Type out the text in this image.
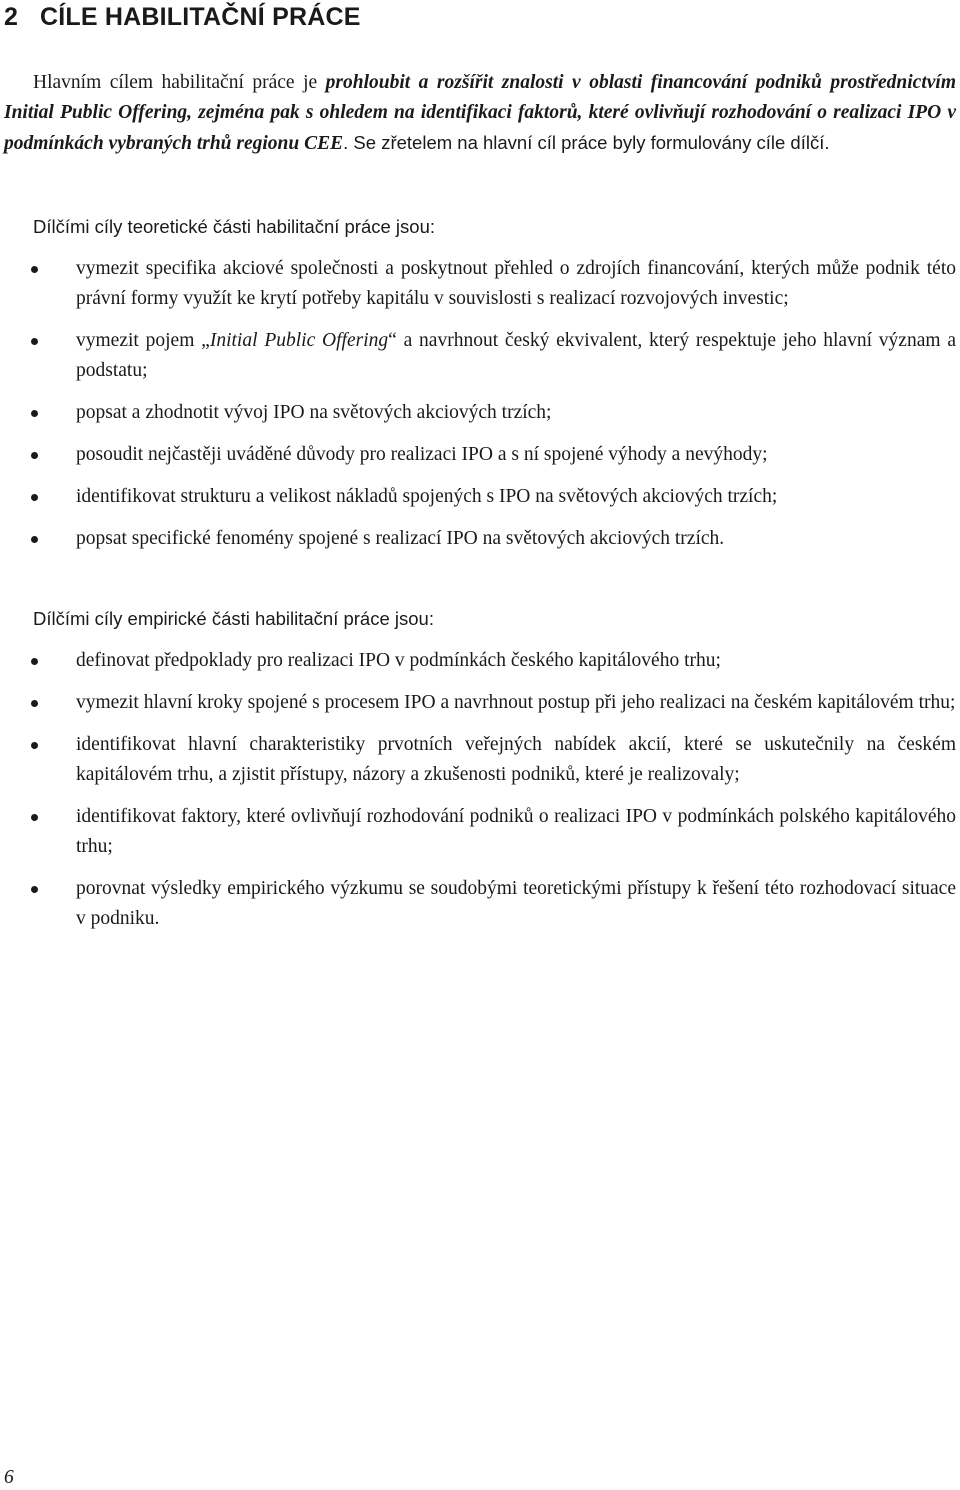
2 CÍLE HABILITAČNÍ PRÁCE

Hlavním cílem habilitační práce je prohloubit a rozšířit znalosti v oblasti financování podniků prostřednictvím Initial Public Offering, zejména pak s ohledem na identifikaci faktorů, které ovlivňují rozhodování o realizaci IPO v podmínkách vybraných trhů regionu CEE. Se zřetelem na hlavní cíl práce byly formulovány cíle dílčí.

Dílčími cíly teoretické části habilitační práce jsou:
vymezit specifika akciové společnosti a poskytnout přehled o zdrojích financování, kterých může podnik této právní formy využít ke krytí potřeby kapitálu v souvislosti s realizací rozvojových investic;
vymezit pojem „Initial Public Offering“ a navrhnout český ekvivalent, který respektuje jeho hlavní význam a podstatu;
popsat a zhodnotit vývoj IPO na světových akciových trzích;
posoudit nejčastěji uváděné důvody pro realizaci IPO a s ní spojené výhody a nevýhody;
identifikovat strukturu a velikost nákladů spojených s IPO na světových akciových trzích;
popsat specifické fenomény spojené s realizací IPO na světových akciových trzích.
Dílčími cíly empirické části habilitační práce jsou:
definovat předpoklady pro realizaci IPO v podmínkách českého kapitálového trhu;
vymezit hlavní kroky spojené s procesem IPO a navrhnout postup při jeho realizaci na českém kapitálovém trhu;
identifikovat hlavní charakteristiky prvotních veřejných nabídek akcií, které se uskutečnily na českém kapitálovém trhu, a zjistit přístupy, názory a zkušenosti podniků, které je realizovaly;
identifikovat faktory, které ovlivňují rozhodování podniků o realizaci IPO v podmínkách polského kapitálového trhu;
porovnat výsledky empirického výzkumu se soudobými teoretickými přístupy k řešení této rozhodovací situace v podniku.
6
